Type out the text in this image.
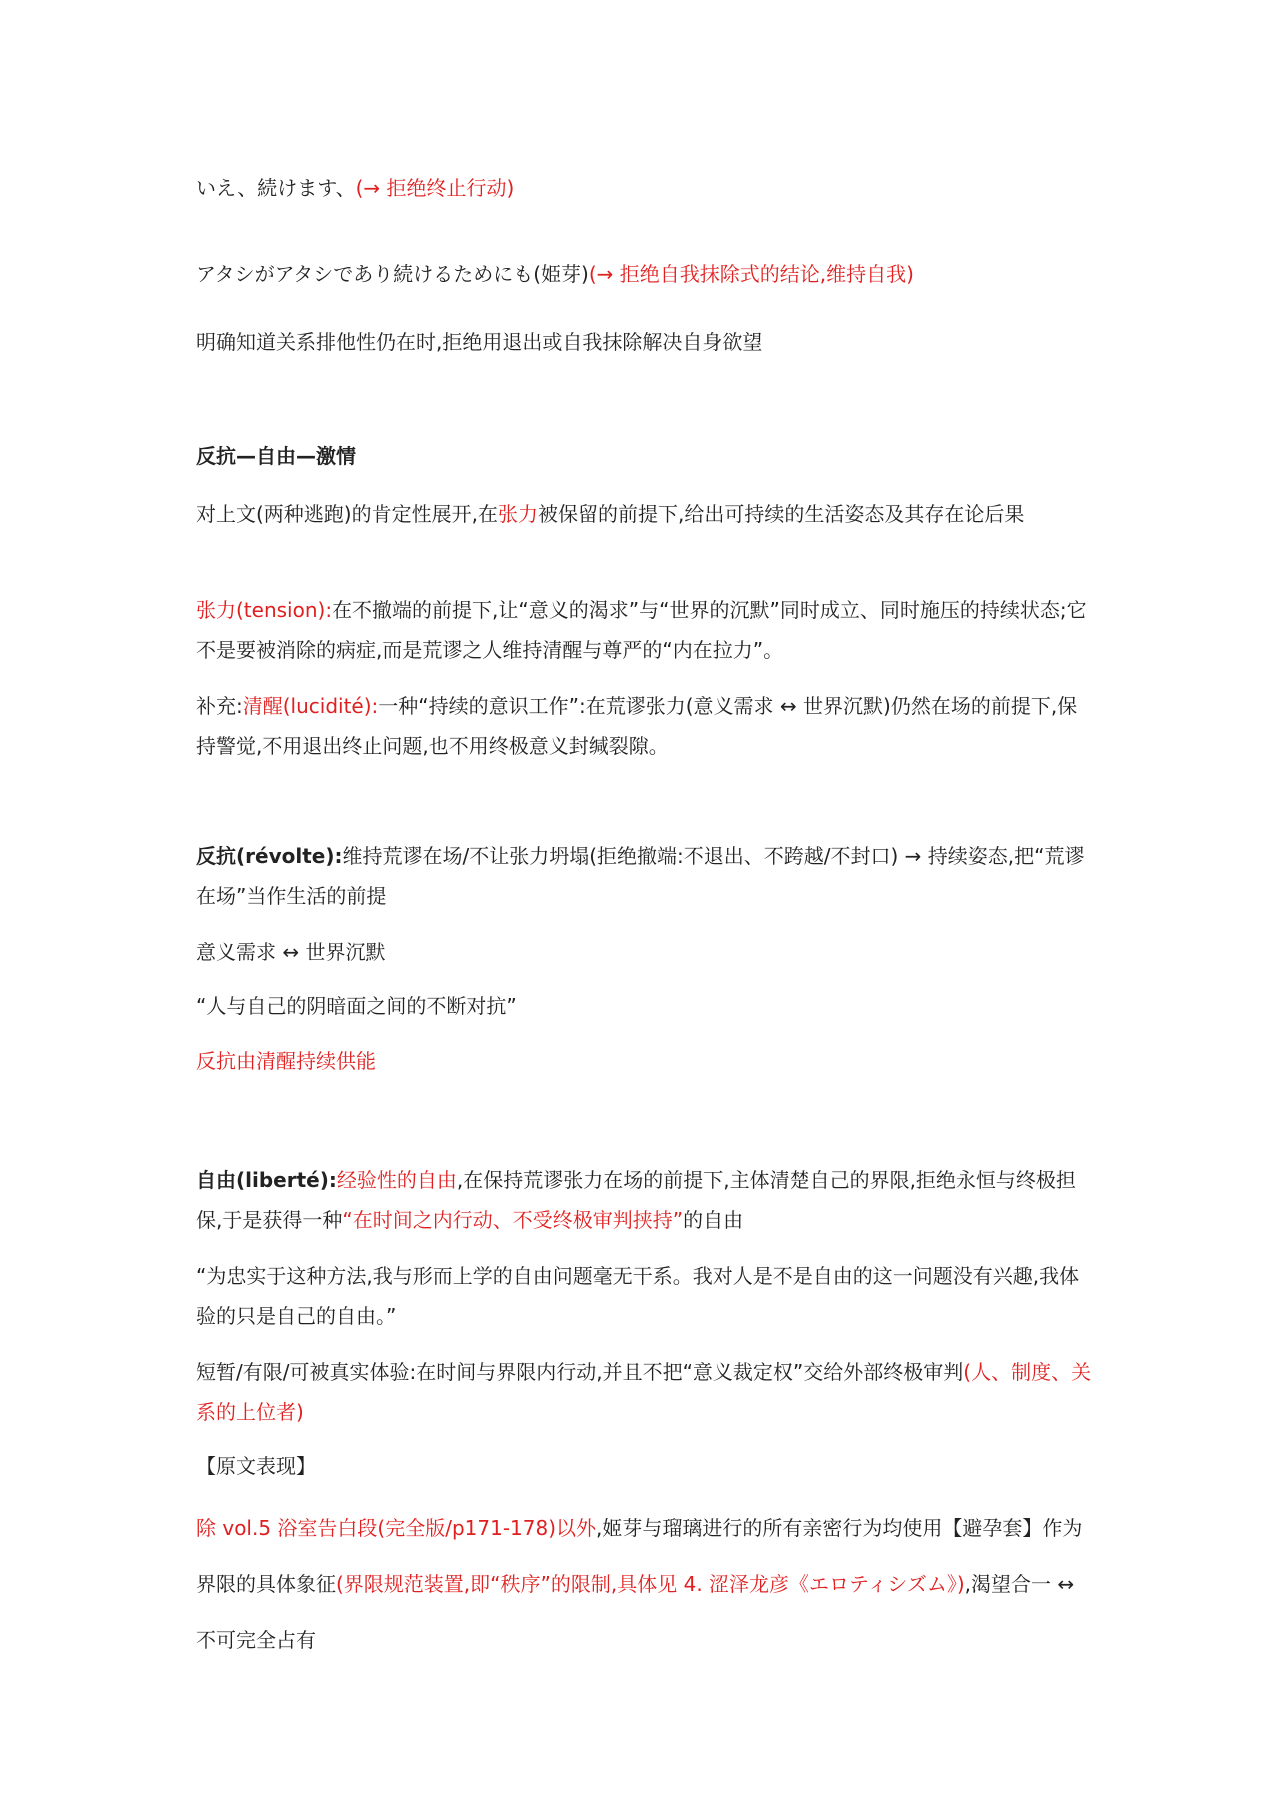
いえ、続けます、(→ 拒绝终止行动)

アタシがアタシであり続けるためにも(姫芽)(→ 拒绝自我抹除式的结论,维持自我)

明确知道关系排他性仍在时,拒绝用退出或自我抹除解决自身欲望

反抗—自由—激情

对上文(两种逃跑)的肯定性展开,在张力被保留的前提下,给出可持续的生活姿态及其存在论后果

张力(tension):在不撤端的前提下,让“意义的渴求”与“世界的沉默”同时成立、同时施压的持续状态;它不是要被消除的病症,而是荒谬之人维持清醒与尊严的“内在拉力”。

补充:清醒(lucidité):一种“持续的意识工作”:在荒谬张力(意义需求 ↔ 世界沉默)仍然在场的前提下,保持警觉,不用退出终止问题,也不用终极意义封缄裂隙。

反抗(révolte):维持荒谬在场/不让张力坍塌(拒绝撤端:不退出、不跨越/不封口) → 持续姿态,把“荒谬在场”当作生活的前提

意义需求 ↔ 世界沉默

“人与自己的阴暗面之间的不断对抗”

反抗由清醒持续供能

自由(liberté):经验性的自由,在保持荒谬张力在场的前提下,主体清楚自己的界限,拒绝永恒与终极担保,于是获得一种“在时间之内行动、不受终极审判挟持”的自由

“为忠实于这种方法,我与形而上学的自由问题毫无干系。我对人是不是自由的这一问题没有兴趣,我体验的只是自己的自由。”

短暂/有限/可被真实体验:在时间与界限内行动,并且不把“意义裁定权”交给外部终极审判(人、制度、关系的上位者)

【原文表现】

除 vol.5 浴室告白段(完全版/p171-178)以外,姬芽与瑠璃进行的所有亲密行为均使用【避孕套】作为界限的具体象征(界限规范装置,即“秩序”的限制,具体见 4. 涩泽龙彦《エロティシズム》),渴望合一 ↔ 不可完全占有
